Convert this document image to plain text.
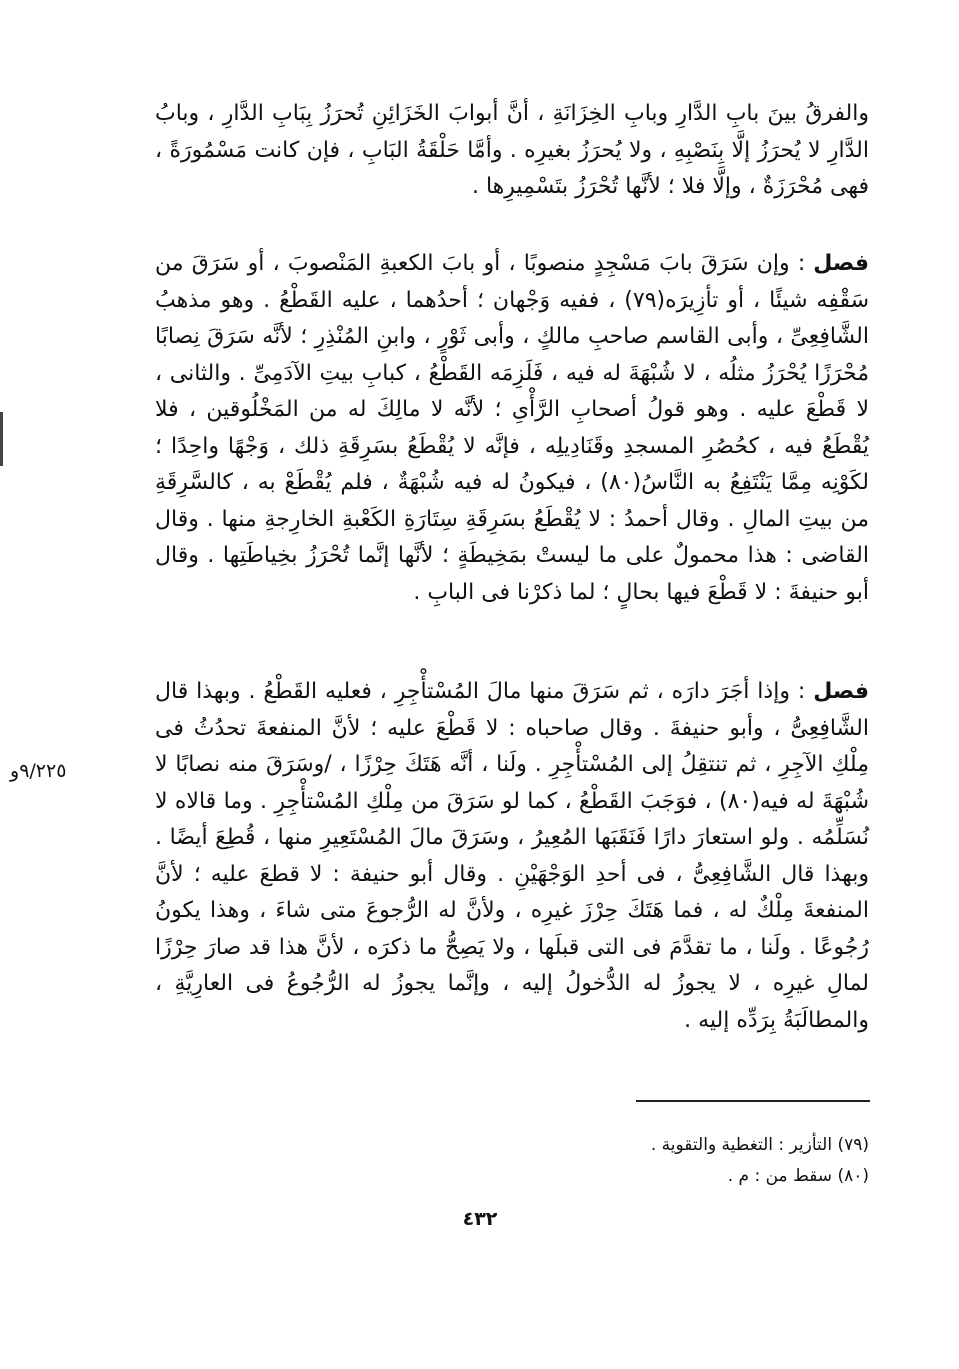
والفرقُ بينَ بابِ الدَّارِ وبابِ الخِزَانَةِ ، أنَّ أبوابَ الخَزَائِنِ تُحرَزُ بِبَابِ الدَّارِ ، وبابُ الدَّارِ لا يُحرَزُ إلَّا بِنَصْبِهِ ، ولا يُحرَزُ بغيرِه . وأمَّا حَلْقَةُ البَابِ ، فإن كانت مَسْمُورَةً ، فهى مُحْرَزَةٌ ، وإلَّا فلا ؛ لأنَّها تُحْرَزُ بتَسْمِيرِها .

فصل: وإن سَرَقَ بابَ مَسْجِدٍ منصوبًا ، أو بابَ الكعبةِ المَنْصوبَ ، أو سَرَقَ من سَقْفِه شيئًا ، أو تأزِيرَه(٧٩) ، ففيه وَجْهان ؛ أحدُهما ، عليه القَطْعُ . وهو مذهبُ الشَّافِعِىِّ ، وأبى القاسم صاحبِ مالكٍ ، وأبى ثَوْرٍ ، وابنِ المُنْذِرِ ؛ لأنَّه سَرَقَ نِصابًا مُحْرَزًا يُحْرَزُ مثلُه ، لا شُبْهَةَ له فيه ، فَلَزِمَه القَطْعُ ، كبابِ بيتِ الآدَمِىِّ . والثانى ، لا قَطْعَ عليه . وهو قولُ أصحابِ الرَّأْىِ ؛ لأنَّه لا مالِكَ له من المَخْلُوقين ، فلا يُقْطَعُ فيه ، كحُصُرِ المسجدِ وقَنَادِيلِه ، فإنَّه لا يُقْطَعُ بسَرِقَةِ ذلك ، وَجْهًا واحِدًا ؛ لكَوْنِه مِمَّا يَنْتَفِعُ به النَّاسُ(٨٠) ، فيكونُ له فيه شُبْهَةٌ ، فلم يُقْطَعْ به ، كالسَّرِقَةِ من بيتِ المالِ . وقال أحمدُ : لا يُقْطَعُ بسَرِقَةِ سِتَارَةِ الكَعْبةِ الخارِجةِ منها . وقال القاضى : هذا محمولٌ على ما ليستْ بمَخِيطَةٍ ؛ لأنَّها إنَّما تُحْرَزُ بخِياطَتِها . وقال أبو حنيفةَ : لا قَطْعَ فيها بحالٍ ؛ لما ذكرْنا فى البابِ .

فصل: وإذا أجَرَ دارَه ، ثم سَرَقَ منها مالَ المُسْتأْجِرِ ، فعليه القَطْعُ . وبهذا قال الشَّافِعِىُّ ، وأبو حنيفةَ . وقال صاحباه : لا قَطْعَ عليه ؛ لأنَّ المنفعةَ تحدُثُ فى مِلْكِ الآجِرِ ، ثم تنتقِلُ إلى المُسْتأْجِرِ . ولَنا ، أنَّه هَتَكَ حِرْزًا ، /وسَرَقَ منه نصابًا لا شُبْهَةَ له فيه(٨٠) ، فوَجَبَ القَطْعُ ، كما لو سَرَقَ من مِلْكِ المُسْتأْجِرِ . وما قالاه لا نُسَلِّمُه . ولو استعارَ دارًا فَنَقَبَها المُعِيرُ ، وسَرَقَ مالَ المُسْتَعِيرِ منها ، قُطِعَ أيضًا . وبهذا قال الشَّافِعِىُّ ، فى أحدِ الوَجْهَيْنِ . وقال أبو حنيفة : لا قطعَ عليه ؛ لأنَّ المنفعةَ مِلْكٌ له ، فما هَتَكَ حِرْزَ غيرِه ، ولأنَّ له الرُّجوعَ متى شاءَ ، وهذا يكونُ رُجُوعًا . ولَنا ، ما تقدَّمَ فى التى قبلَها ، ولا يَصِحُّ ما ذكرَه ، لأنَّ هذا قد صارَ حِرْزًا لمالِ غيرِه ، لا يجوزُ له الدُّخولُ إليه ، وإنَّما يجوزُ له الرُّجُوعُ فى العارِيَّةِ ، والمطالَبَةُ بِرَدِّه إليه .

٩/٢٢٥و

(٧٩) التأزير : التغطية والتقوية .

(٨٠) سقط من : م .

٤٣٢
